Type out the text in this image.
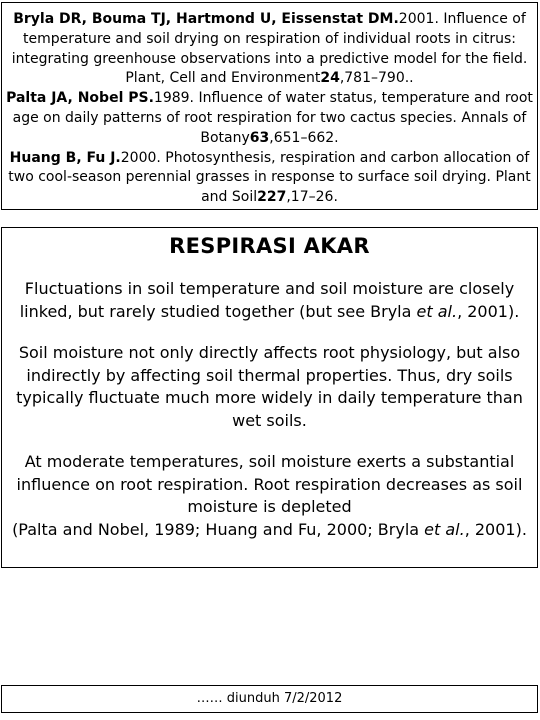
Bryla DR, Bouma TJ, Hartmond U, Eissenstat DM.2001. Influence of temperature and soil drying on respiration of individual roots in citrus: integrating greenhouse observations into a predictive model for the field. Plant, Cell and Environment24,781–790..

Palta JA, Nobel PS.1989. Influence of water status, temperature and root age on daily patterns of root respiration for two cactus species. Annals of Botany63,651–662.

Huang B, Fu J.2000. Photosynthesis, respiration and carbon allocation of two cool-season perennial grasses in response to surface soil drying. Plant and Soil227,17–26.

RESPIRASI AKAR

Fluctuations in soil temperature and soil moisture are closely linked, but rarely studied together (but see Bryla et al., 2001).

Soil moisture not only directly affects root physiology, but also indirectly by affecting soil thermal properties. Thus, dry soils typically fluctuate much more widely in daily temperature than wet soils.

At moderate temperatures, soil moisture exerts a substantial influence on root respiration. Root respiration decreases as soil moisture is depleted
(Palta and Nobel, 1989; Huang and Fu, 2000; Bryla et al., 2001).

…… diunduh 7/2/2012
